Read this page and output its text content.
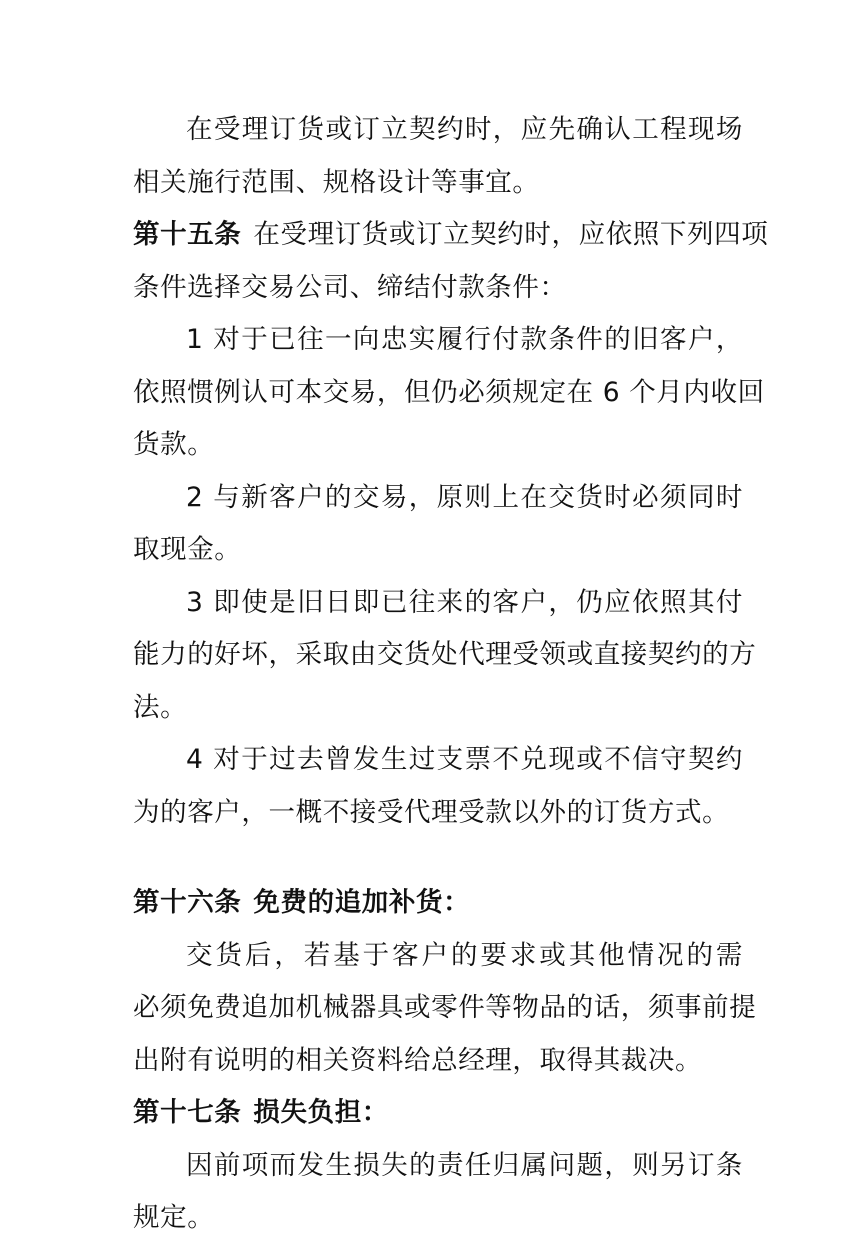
在受理订货或订立契约时，应先确认工程现场
相关施行范围、规格设计等事宜。
第十五条 在受理订货或订立契约时，应依照下列四项
条件选择交易公司、缔结付款条件：
1 对于已往一向忠实履行付款条件的旧客户，
依照惯例认可本交易，但仍必须规定在 6 个月内收回
货款。
2 与新客户的交易，原则上在交货时必须同时
取现金。
3 即使是旧日即已往来的客户，仍应依照其付
能力的好坏，采取由交货处代理受领或直接契约的方
法。
4 对于过去曾发生过支票不兑现或不信守契约
为的客户，一概不接受代理受款以外的订货方式。
第十六条 免费的追加补货：
交货后，若基于客户的要求或其他情况的需
必须免费追加机械器具或零件等物品的话，须事前提
出附有说明的相关资料给总经理，取得其裁决。
第十七条 损失负担：
因前项而发生损失的责任归属问题，则另订条
规定。
